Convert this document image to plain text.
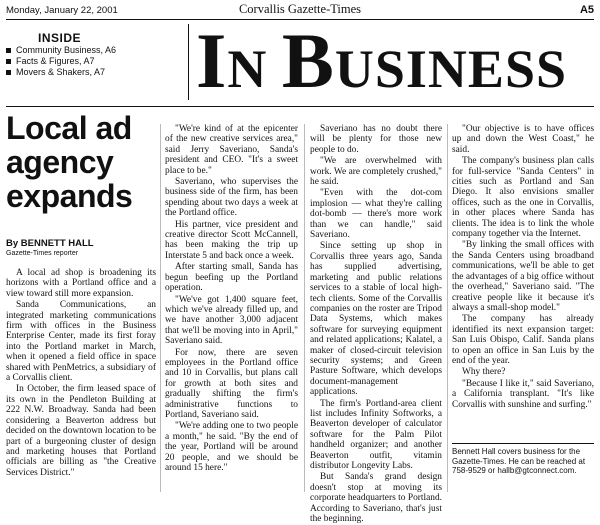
Monday, January 22, 2001	Corvallis Gazette-Times	A5
INSIDE
Community Business, A6
Facts & Figures, A7
Movers & Shakers, A7 IN BUSINESS
Local ad agency expands
By BENNETT HALL
Gazette-Times reporter

A local ad shop is broadening its horizons with a Portland office and a view toward still more expansion.

Sanda Communications, an integrated marketing communications firm with offices in the Business Enterprise Center, made its first foray into the Portland market in March, when it opened a field office in space shared with PenMetrics, a subsidiary of a Corvallis client.

In October, the firm leased space of its own in the Pendleton Building at 222 N.W. Broadway. Sanda had been considering a Beaverton address but decided on the downtown location to be part of a burgeoning cluster of design and marketing houses that Portland officials are billing as "the Creative Services District."

"We're kind of at the epicenter of the new creative services area," said Jerry Saveriano, Sanda's president and CEO. "It's a sweet place to be."

Saveriano, who supervises the business side of the firm, has been spending about two days a week at the Portland office.

His partner, vice president and creative director Scott McCannell, has been making the trip up Interstate 5 and back once a week.

After starting small, Sanda has begun beefing up the Portland operation.

"We've got 1,400 square feet, which we've already filled up, and we have another 3,000 adjacent that we'll be moving into in April," Saveriano said.

For now, there are seven employees in the Portland office and 10 in Corvallis, but plans call for growth at both sites and gradually shifting the firm's administrative functions to Portland, Saveriano said.

"We're adding one to two people a month," he said. "By the end of the year, Portland will be around 20 people, and we should be around 15 here."

Saveriano has no doubt there will be plenty for those new people to do.

"We are overwhelmed with work. We are completely crushed," he said.

"Even with the dot-com implosion — what they're calling dot-bomb — there's more work than we can handle," said Saveriano.

Since setting up shop in Corvallis three years ago, Sanda has supplied advertising, marketing and public relations services to a stable of local high-tech clients. Some of the Corvallis companies on the roster are Tripod Data Systems, which makes software for surveying equipment and related applications; Kalatel, a maker of closed-circuit television security systems; and Green Pasture Software, which develops document-management applications.

The firm's Portland-area client list includes Infinity Softworks, a Beaverton developer of calculator software for the Palm Pilot handheld organizer; and another Beaverton outfit, vitamin distributor Longevity Labs.

But Sanda's grand design doesn't stop at moving its corporate headquarters to Portland. According to Saveriano, that's just the beginning.

"Our objective is to have offices up and down the West Coast," he said.

The company's business plan calls for full-service "Sanda Centers" in cities such as Portland and San Diego. It also envisions smaller offices, such as the one in Corvallis, in other places where Sanda has clients. The idea is to link the whole company together via the Internet.

"By linking the small offices with the Sanda Centers using broadband communications, we'll be able to get the advantages of a big office without the overhead," Saveriano said. "The creative people like it because it's always a small-shop model."

The company has already identified its next expansion target: San Luis Obispo, Calif. Sanda plans to open an office in San Luis by the end of the year.

Why there?

"Because I like it," said Saveriano, a California transplant. "It's like Corvallis with sunshine and surfing."

Bennett Hall covers business for the Gazette-Times. He can be reached at 758-9529 or hallb@gtconnect.com.
